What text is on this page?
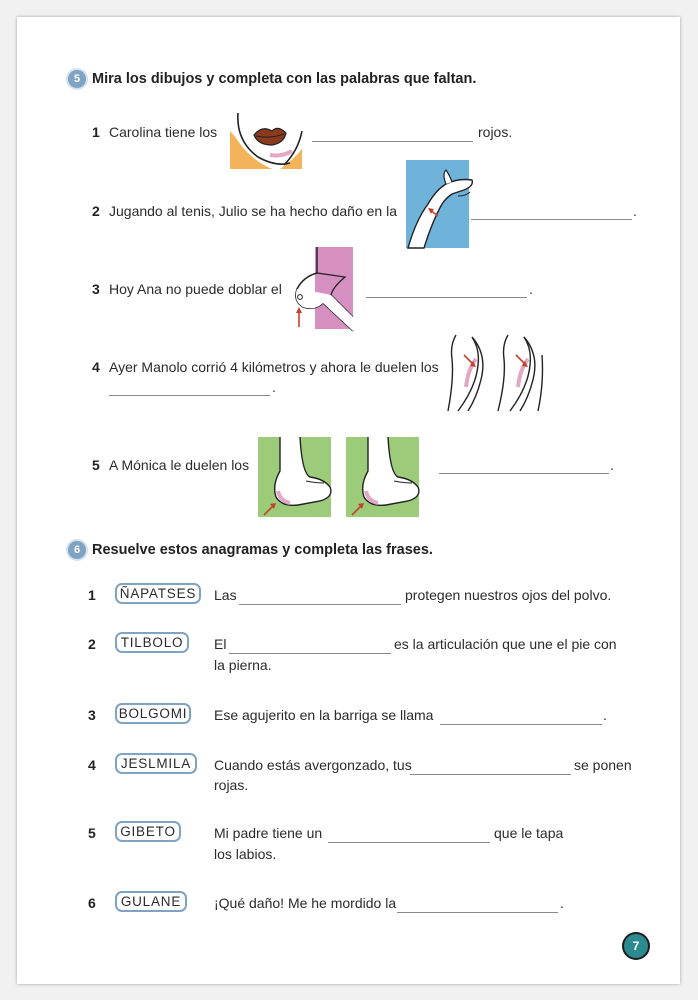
5 Mira los dibujos y completa con las palabras que faltan.
1 Carolina tiene los	rojos.
2 Jugando al tenis, Julio se ha hecho daño en la	.
3 Hoy Ana no puede doblar el	.
4 Ayer Manolo corrió 4 kilómetros y ahora le duelen los
.
5 A Mónica le duelen los	.
6 Resuelve estos anagramas y completa las frases.
1	ÑAPATSES	Las	protegen nuestros ojos del polvo.
2	TILBOLO	El	es la articulación que une el pie con
la pierna.
3 BOLGOMI Ese agujerito en la barriga se llama	.
4	JESLMILA	Cuando estás avergonzado, tus	se ponen
rojas.
5	GIBETO	Mi padre tiene un	que le tapa
los labios.
6	GULANE	¡Qué daño! Me he mordido la	.
7
